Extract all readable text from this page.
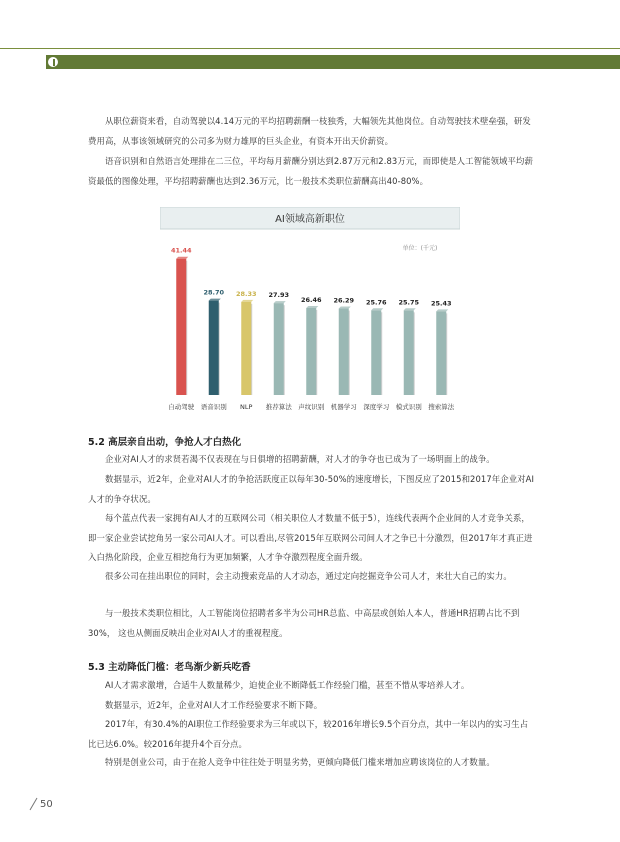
从职位薪资来看，自动驾驶以4.14万元的平均招聘薪酬一枝独秀，大幅领先其他岗位。自动驾驶技术壁垒强，研发费用高，从事该领域研究的公司多为财力雄厚的巨头企业，有资本开出天价薪资。

语音识别和自然语言处理排在二三位，平均每月薪酬分别达到2.87万元和2.83万元，而即使是人工智能领域平均薪资最低的图像处理，平均招聘薪酬也达到2.36万元，比一般技术类职位薪酬高出40-80%。

AI领域高新职位
单位：(千元)
41.44
自动驾驶
28.70
语音识别
28.33
NLP
27.93
推荐算法
26.46
声纹识别
26.29
机器学习
25.76
深度学习
25.75
模式识别
25.43
搜索算法
5.2 高层亲自出动，争抢人才白热化

企业对AI人才的求贤若渴不仅表现在与日俱增的招聘薪酬，对人才的争夺也已成为了一场明面上的战争。

数据显示，近2年，企业对AI人才的争抢活跃度正以每年30-50%的速度增长，下图反应了2015和2017年企业对AI人才的争夺状况。

每个蓝点代表一家拥有AI人才的互联网公司（相关职位人才数量不低于5），连线代表两个企业间的人才竞争关系，即一家企业尝试挖角另一家公司AI人才。可以看出,尽管2015年互联网公司间人才之争已十分激烈，但2017年才真正进入白热化阶段，企业互相挖角行为更加频繁，人才争夺激烈程度全面升级。

很多公司在挂出职位的同时，会主动搜索竞品的人才动态，通过定向挖掘竞争公司人才，来壮大自己的实力。

与一般技术类职位相比，人工智能岗位招聘者多半为公司HR总监、中高层或创始人本人，普通HR招聘占比不到30%， 这也从侧面反映出企业对AI人才的重视程度。

5.3 主动降低门槛：老鸟渐少新兵吃香

AI人才需求激增，合适牛人数量稀少，迫使企业不断降低工作经验门槛，甚至不惜从零培养人才。

数据显示，近2年，企业对AI人才工作经验要求不断下降。

2017年，有30.4%的AI职位工作经验要求为三年或以下，较2016年增长9.5个百分点，其中一年以内的实习生占比已达6.0%。较2016年提升4个百分点。

特别是创业公司，由于在抢人竞争中往往处于明显劣势，更倾向降低门槛来增加应聘该岗位的人才数量。

50
